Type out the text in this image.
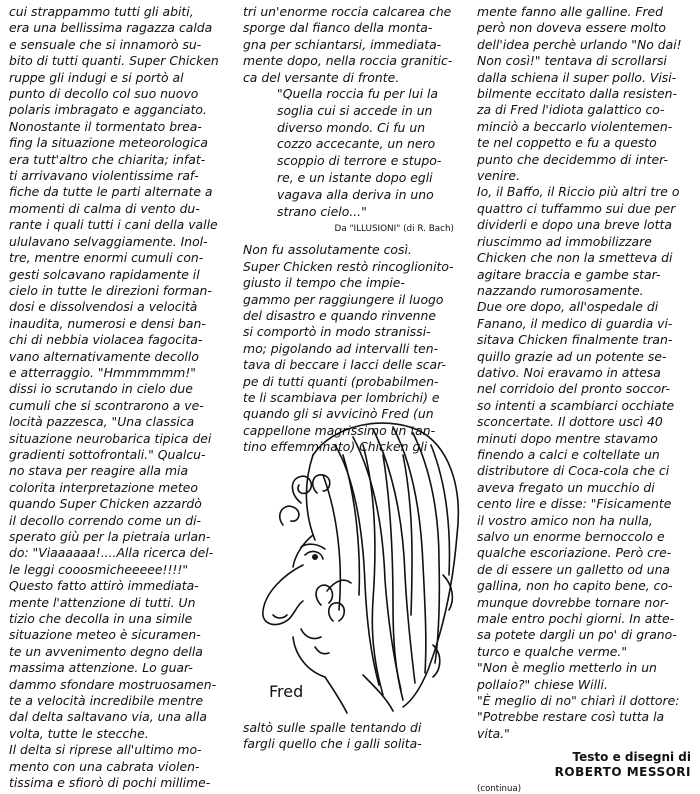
cui strappammo tutti gli abiti,
era una bellissima ragazza calda
e sensuale che si innamorò su-
bito di tutti quanti. Super Chicken
ruppe gli indugi e si portò al
punto di decollo col suo nuovo
polaris imbragato e agganciato.
Nonostante il tormentato brea-
fing la situazione meteorologica
era tutt'altro che chiarita; infat-
ti arrivavano violentissime raf-
fiche da tutte le parti alternate a
momenti di calma di vento du-
rante i quali tutti i cani della valle
ululavano selvaggiamente. Inol-
tre, mentre enormi cumuli con-
gesti solcavano rapidamente il
cielo in tutte le direzioni forman-
dosi e dissolvendosi a velocità
inaudita, numerosi e densi ban-
chi di nebbia violacea fagocita-
vano alternativamente decollo
e atterraggio. "Hmmmmmm!"
dissi io scrutando in cielo due
cumuli che si scontrarono a ve-
locità pazzesca, "Una classica
situazione neurobarica tipica dei
gradienti sottofrontali." Qualcu-
no stava per reagire alla mia
colorita interpretazione meteo
quando Super Chicken azzardò
il decollo correndo come un di-
sperato giù per la pietraia urlan-
do: "Viaaaaaa!....Alla ricerca del-
le leggi cooosmicheeeee!!!!"
Questo fatto attirò immediata-
mente l'attenzione di tutti. Un
tizio che decolla in una simile
situazione meteo è sicuramen-
te un avvenimento degno della
massima attenzione. Lo guar-
dammo sfondare mostruosamen-
te a velocità incredibile mentre
dal delta saltavano via, una alla
volta, tutte le stecche.
Il delta si riprese all'ultimo mo-
mento con una cabrata violen-
tissima e sfiorò di pochi millime-
tri un'enorme roccia calcarea che
sporge dal fianco della monta-
gna per schiantarsi, immediata-
mente dopo, nella roccia granitic-
ca del versante di fronte.
"Quella roccia fu per lui la
soglia cui si accede in un
diverso mondo. Ci fu un
cozzo accecante, un nero
scoppio di terrore e stupo-
re, e un istante dopo egli
vagava alla deriva in uno
strano cielo..."
Da "ILLUSIONI" (di R. Bach)
Non fu assolutamente così.
Super Chicken restò rincoglionito-
giusto il tempo che impie-
gammo per raggiungere il luogo
del disastro e quando rinvenne
si comportò in modo stranissi-
mo; pigolando ad intervalli ten-
tava di beccare i lacci delle scar-
pe di tutti quanti (probabilmen-
te li scambiava per lombrichi) e
quando gli si avvicinò Fred (un
cappellone magrissimo un tan-
tino effemminato) Chicken gli
Fred
saltò sulle spalle tentando di
fargli quello che i galli solita-
mente fanno alle galline. Fred
però non doveva essere molto
dell'idea perchè urlando "No dai!
Non così!" tentava di scrollarsi
dalla schiena il super pollo. Visi-
bilmente eccitato dalla resisten-
za di Fred l'idiota galattico co-
minciò a beccarlo violentemen-
te nel coppetto e fu a questo
punto che decidemmo di inter-
venire.
Io, il Baffo, il Riccio più altri tre o
quattro ci tuffammo sui due per
dividerli e dopo una breve lotta
riuscimmo ad immobilizzare
Chicken che non la smetteva di
agitare braccia e gambe star-
nazzando rumorosamente.
Due ore dopo, all'ospedale di
Fanano, il medico di guardia vi-
sitava Chicken finalmente tran-
quillo grazie ad un potente se-
dativo. Noi eravamo in attesa
nel corridoio del pronto soccor-
so intenti a scambiarci occhiate
sconcertate. Il dottore uscì 40
minuti dopo mentre stavamo
finendo a calci e coltellate un
distributore di Coca-cola che ci
aveva fregato un mucchio di
cento lire e disse: "Fisicamente
il vostro amico non ha nulla,
salvo un enorme bernoccolo e
qualche escoriazione. Però cre-
de di essere un galletto od una
gallina, non ho capito bene, co-
munque dovrebbe tornare nor-
male entro pochi giorni. In atte-
sa potete dargli un po' di grano-
turco e qualche verme."
"Non è meglio metterlo in un
pollaio?" chiese Willi.
"È meglio di no" chiarì il dottore:
"Potrebbe restare così tutta la
vita."
Testo e disegni di
ROBERTO MESSORI
(continua)
